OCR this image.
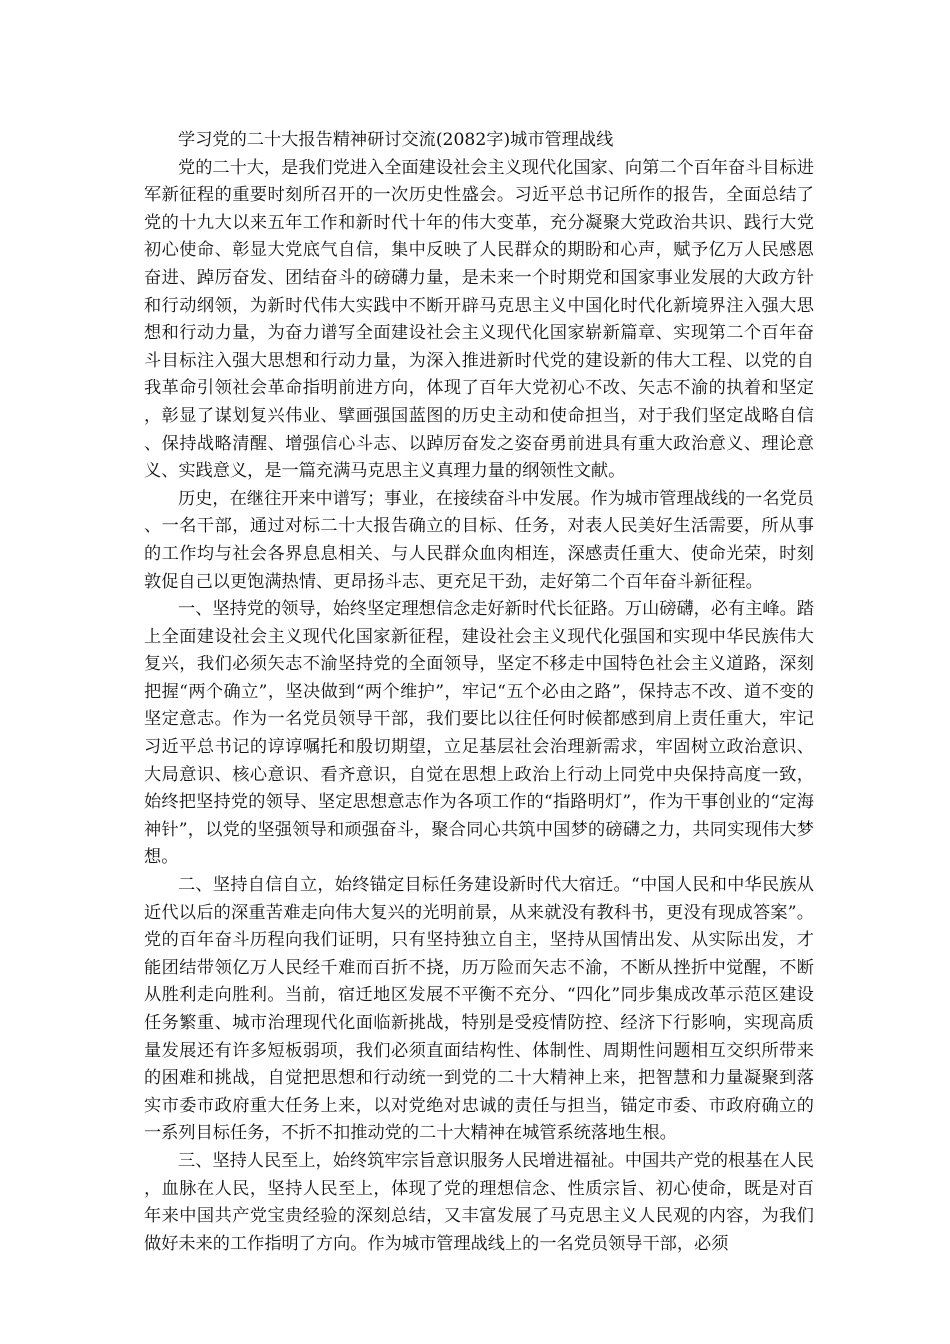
学习党的二十大报告精神研讨交流(2082字)城市管理战线

党的二十大，是我们党进入全面建设社会主义现代化国家、向第二个百年奋斗目标进军新征程的重要时刻所召开的一次历史性盛会。习近平总书记所作的报告，全面总结了党的十九大以来五年工作和新时代十年的伟大变革，充分凝聚大党政治共识、践行大党初心使命、彰显大党底气自信，集中反映了人民群众的期盼和心声，赋予亿万人民感恩奋进、踔厉奋发、团结奋斗的磅礴力量，是未来一个时期党和国家事业发展的大政方针和行动纲领，为新时代伟大实践中不断开辟马克思主义中国化时代化新境界注入强大思想和行动力量，为奋力谱写全面建设社会主义现代化国家崭新篇章、实现第二个百年奋斗目标注入强大思想和行动力量，为深入推进新时代党的建设新的伟大工程、以党的自我革命引领社会革命指明前进方向，体现了百年大党初心不改、矢志不渝的执着和坚定，彰显了谋划复兴伟业、擘画强国蓝图的历史主动和使命担当，对于我们坚定战略自信、保持战略清醒、增强信心斗志、以踔厉奋发之姿奋勇前进具有重大政治意义、理论意义、实践意义，是一篇充满马克思主义真理力量的纲领性文献。

历史，在继往开来中谱写；事业，在接续奋斗中发展。作为城市管理战线的一名党员、一名干部，通过对标二十大报告确立的目标、任务，对表人民美好生活需要，所从事的工作均与社会各界息息相关、与人民群众血肉相连，深感责任重大、使命光荣，时刻敦促自己以更饱满热情、更昂扬斗志、更充足干劲，走好第二个百年奋斗新征程。

一、坚持党的领导，始终坚定理想信念走好新时代长征路。万山磅礴，必有主峰。踏上全面建设社会主义现代化国家新征程，建设社会主义现代化强国和实现中华民族伟大复兴，我们必须矢志不渝坚持党的全面领导，坚定不移走中国特色社会主义道路，深刻把握“两个确立”，坚决做到“两个维护”，牢记“五个必由之路”，保持志不改、道不变的坚定意志。作为一名党员领导干部，我们要比以往任何时候都感到肩上责任重大，牢记习近平总书记的谆谆嘱托和殷切期望，立足基层社会治理新需求，牢固树立政治意识、大局意识、核心意识、看齐意识，自觉在思想上政治上行动上同党中央保持高度一致，始终把坚持党的领导、坚定思想意志作为各项工作的“指路明灯”，作为干事创业的“定海神针”，以党的坚强领导和顽强奋斗，聚合同心共筑中国梦的磅礴之力，共同实现伟大梦想。

二、坚持自信自立，始终锚定目标任务建设新时代大宿迁。“中国人民和中华民族从近代以后的深重苦难走向伟大复兴的光明前景，从来就没有教科书，更没有现成答案”。党的百年奋斗历程向我们证明，只有坚持独立自主，坚持从国情出发、从实际出发，才能团结带领亿万人民经千难而百折不挠，历万险而矢志不渝，不断从挫折中觉醒，不断从胜利走向胜利。当前，宿迁地区发展不平衡不充分、“四化”同步集成改革示范区建设任务繁重、城市治理现代化面临新挑战，特别是受疫情防控、经济下行影响，实现高质量发展还有许多短板弱项，我们必须直面结构性、体制性、周期性问题相互交织所带来的困难和挑战，自觉把思想和行动统一到党的二十大精神上来，把智慧和力量凝聚到落实市委市政府重大任务上来，以对党绝对忠诚的责任与担当，锚定市委、市政府确立的一系列目标任务，不折不扣推动党的二十大精神在城管系统落地生根。

三、坚持人民至上，始终筑牢宗旨意识服务人民增进福祉。中国共产党的根基在人民，血脉在人民，坚持人民至上，体现了党的理想信念、性质宗旨、初心使命，既是对百年来中国共产党宝贵经验的深刻总结，又丰富发展了马克思主义人民观的内容，为我们做好未来的工作指明了方向。作为城市管理战线上的一名党员领导干部，必须
